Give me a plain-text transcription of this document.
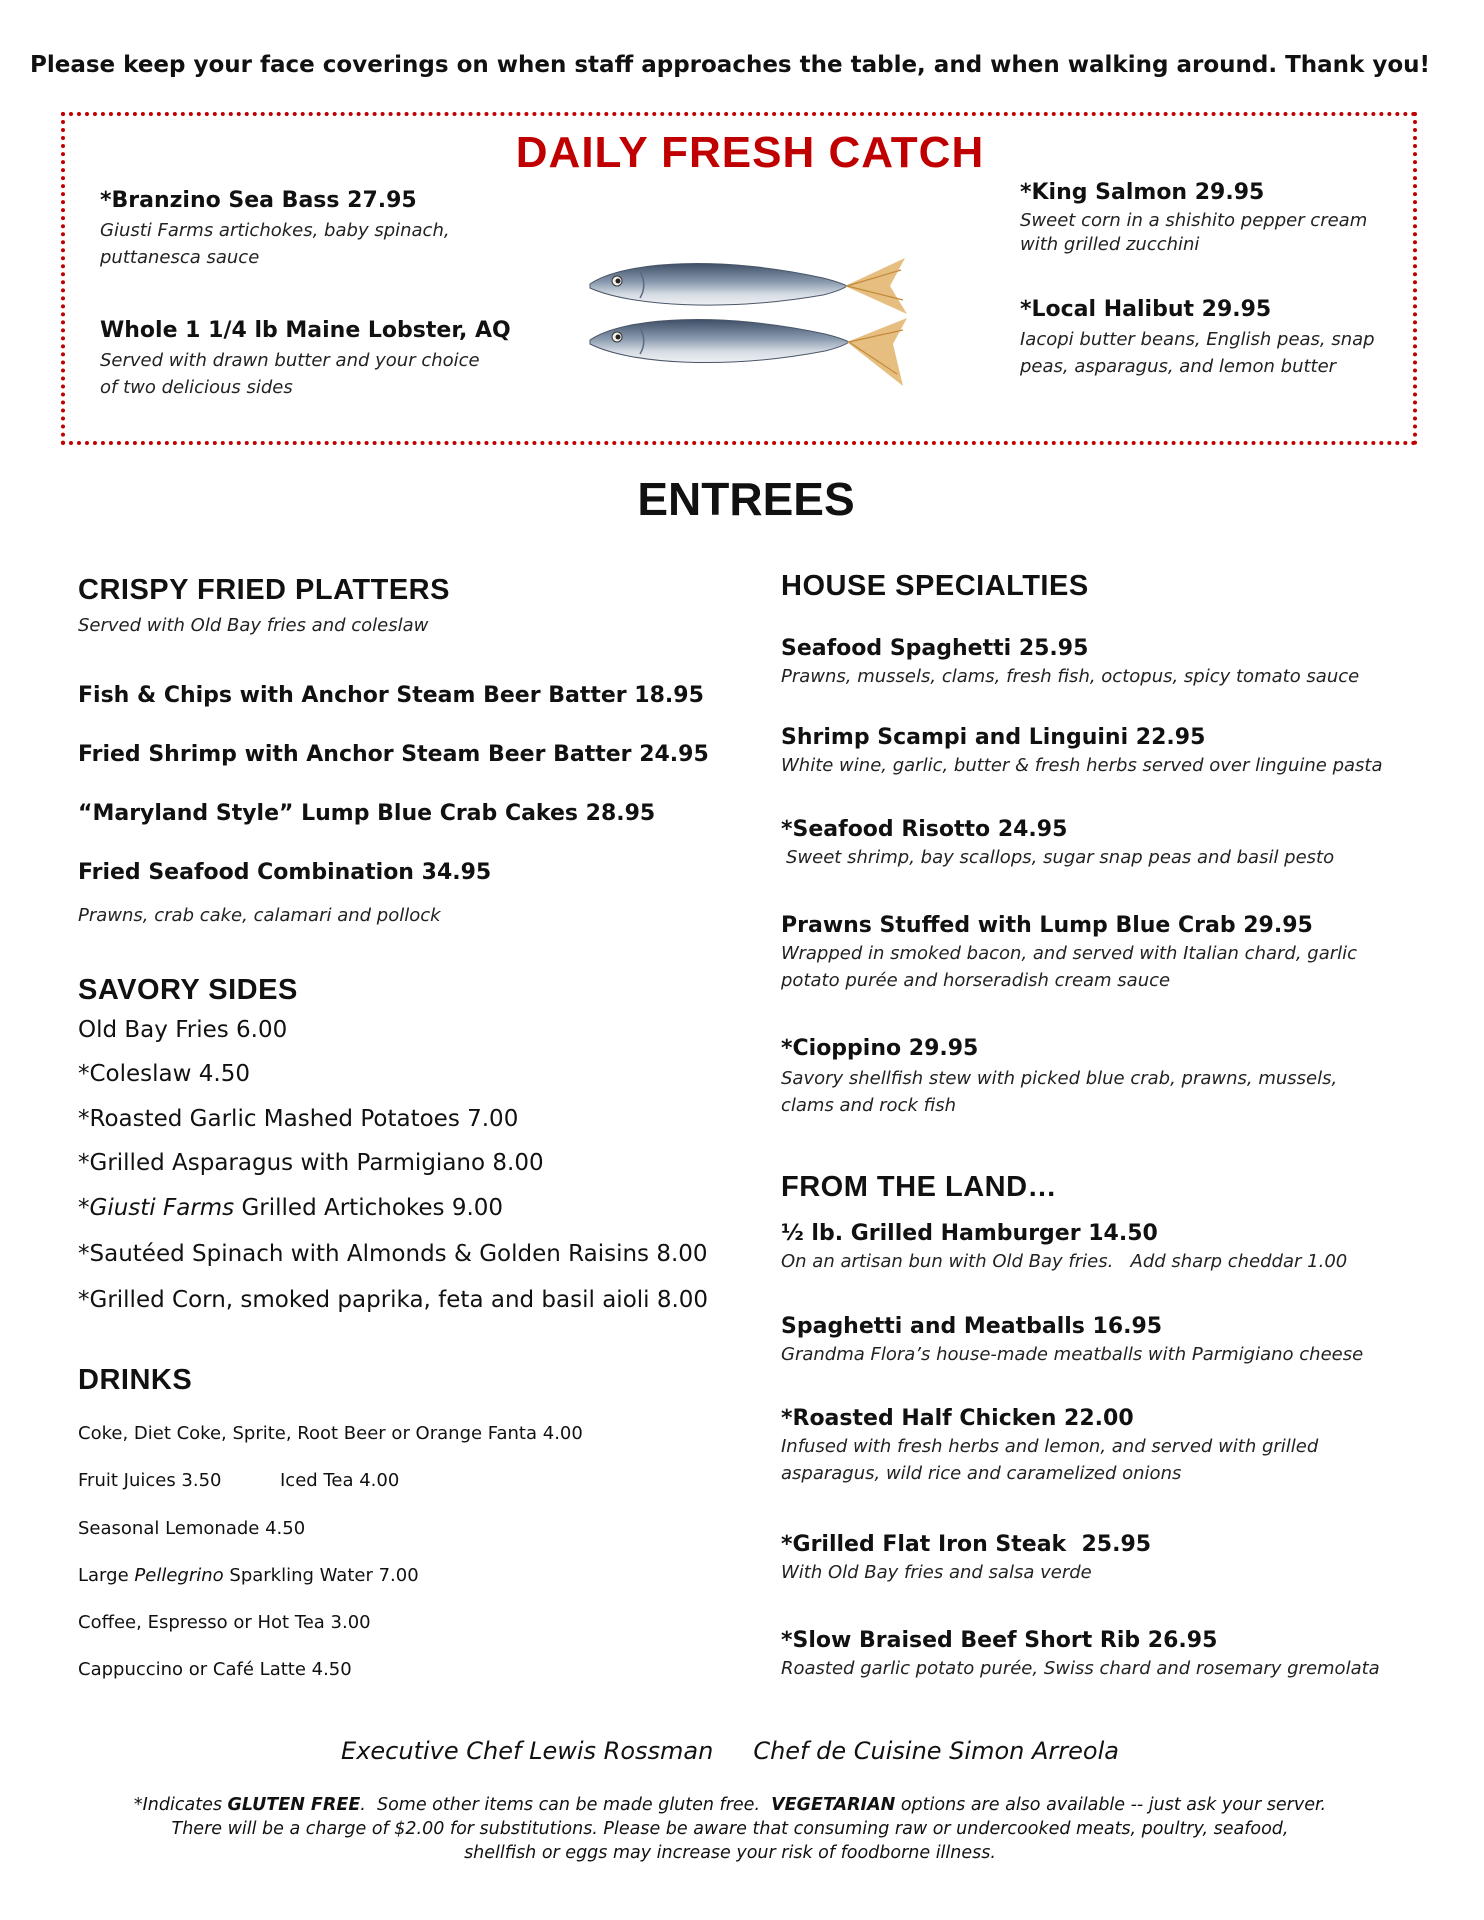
Please keep your face coverings on when staff approaches the table, and when walking around. Thank you!
DAILY FRESH CATCH
*Branzino Sea Bass 27.95
Giusti Farms artichokes, baby spinach,
puttanesca sauce
Whole 1 1/4 lb Maine Lobster, AQ
Served with drawn butter and your choice
of two delicious sides
*King Salmon 29.95
Sweet corn in a shishito pepper cream
with grilled zucchini
*Local Halibut 29.95
Iacopi butter beans, English peas, snap
peas, asparagus, and lemon butter
ENTREES
CRISPY FRIED PLATTERS
Served with Old Bay fries and coleslaw
Fish & Chips with Anchor Steam Beer Batter 18.95
Fried Shrimp with Anchor Steam Beer Batter 24.95
“Maryland Style” Lump Blue Crab Cakes 28.95
Fried Seafood Combination 34.95
Prawns, crab cake, calamari and pollock
SAVORY SIDES
Old Bay Fries 6.00
*Coleslaw 4.50
*Roasted Garlic Mashed Potatoes 7.00
*Grilled Asparagus with Parmigiano 8.00
*Giusti Farms Grilled Artichokes 9.00
*Sautéed Spinach with Almonds & Golden Raisins 8.00
*Grilled Corn, smoked paprika, feta and basil aioli 8.00
DRINKS
Coke, Diet Coke, Sprite, Root Beer or Orange Fanta 4.00
Fruit Juices 3.50	Iced Tea 4.00
Seasonal Lemonade 4.50
Large Pellegrino Sparkling Water 7.00
Coffee, Espresso or Hot Tea 3.00
Cappuccino or Café Latte 4.50
HOUSE SPECIALTIES
Seafood Spaghetti 25.95
Prawns, mussels, clams, fresh fish, octopus, spicy tomato sauce
Shrimp Scampi and Linguini 22.95
White wine, garlic, butter & fresh herbs served over linguine pasta
*Seafood Risotto 24.95
Sweet shrimp, bay scallops, sugar snap peas and basil pesto
Prawns Stuffed with Lump Blue Crab 29.95
Wrapped in smoked bacon, and served with Italian chard, garlic
potato purée and horseradish cream sauce
*Cioppino 29.95
Savory shellfish stew with picked blue crab, prawns, mussels,
clams and rock fish
FROM THE LAND…
½ lb. Grilled Hamburger 14.50
On an artisan bun with Old Bay fries.   Add sharp cheddar 1.00
Spaghetti and Meatballs 16.95
Grandma Flora’s house-made meatballs with Parmigiano cheese
*Roasted Half Chicken 22.00
Infused with fresh herbs and lemon, and served with grilled
asparagus, wild rice and caramelized onions
*Grilled Flat Iron Steak  25.95
With Old Bay fries and salsa verde
*Slow Braised Beef Short Rib 26.95
Roasted garlic potato purée, Swiss chard and rosemary gremolata
Executive Chef Lewis Rossman Chef de Cuisine Simon Arreola
*Indicates GLUTEN FREE.  Some other items can be made gluten free.  VEGETARIAN options are also available -- just ask your server.
There will be a charge of $2.00 for substitutions. Please be aware that consuming raw or undercooked meats, poultry, seafood,
shellfish or eggs may increase your risk of foodborne illness.
